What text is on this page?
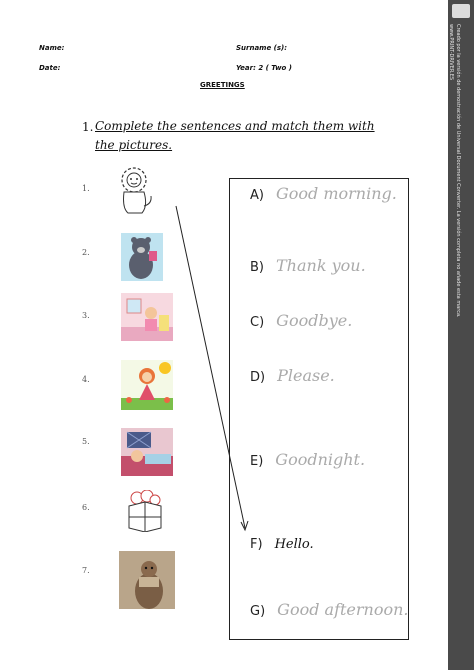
Name:	Surname (s):
Date:	Year: 2 ( Two )
GREETINGS
1. Complete the sentences and match them with the pictures.
1.
2.
3.
4.
5.
6.
7.
A) Good morning.
B) Thank you.
C) Goodbye.
D) Please.
E) Goodnight.
F) Hello.
G) Good afternoon.
Creado por la versión de demostración de Universal Document Converter. La versión completa no añade esta marca.
www.PRINT-DRIVER.ES
